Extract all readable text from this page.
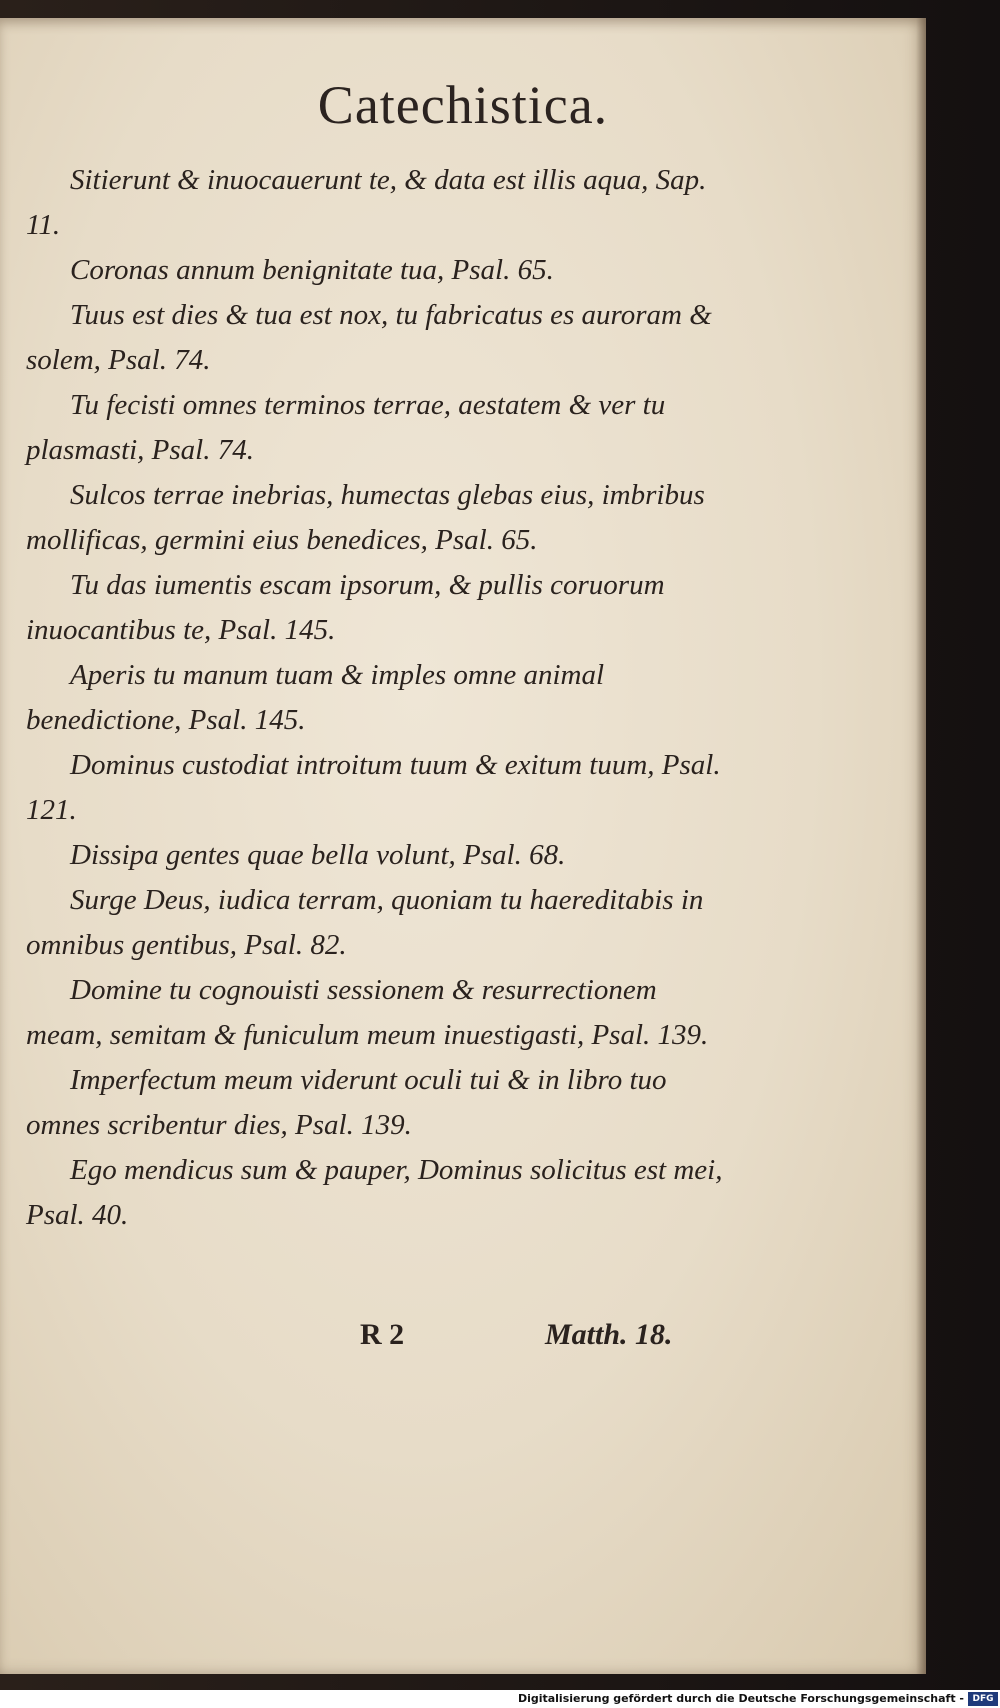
Catechistica.

Sitierunt & inuocauerunt te, & data est illis aqua, Sap. 11.

Coronas annum benignitate tua, Psal. 65.

Tuus est dies & tua est nox, tu fabricatus es auroram & solem, Psal. 74.

Tu fecisti omnes terminos terrae, aestatem & ver tu plasmasti, Psal. 74.

Sulcos terrae inebrias, humectas glebas eius, imbribus mollificas, germini eius benedices, Psal. 65.

Tu das iumentis escam ipsorum, & pullis coruorum inuocantibus te, Psal. 145.

Aperis tu manum tuam & imples omne animal benedictione, Psal. 145.

Dominus custodiat introitum tuum & exitum tuum, Psal. 121.

Dissipa gentes quae bella volunt, Psal. 68.

Surge Deus, iudica terram, quoniam tu haereditabis in omnibus gentibus, Psal. 82.

Domine tu cognouisti sessionem & resurrectionem meam, semitam & funiculum meum inuestigasti, Psal. 139.

Imperfectum meum viderunt oculi tui & in libro tuo omnes scribentur dies, Psal. 139.

Ego mendicus sum & pauper, Dominus solicitus est mei, Psal. 40.

R 2	Matth. 18.
Digitalisierung gefördert durch die Deutsche Forschungsgemeinschaft - DFG
